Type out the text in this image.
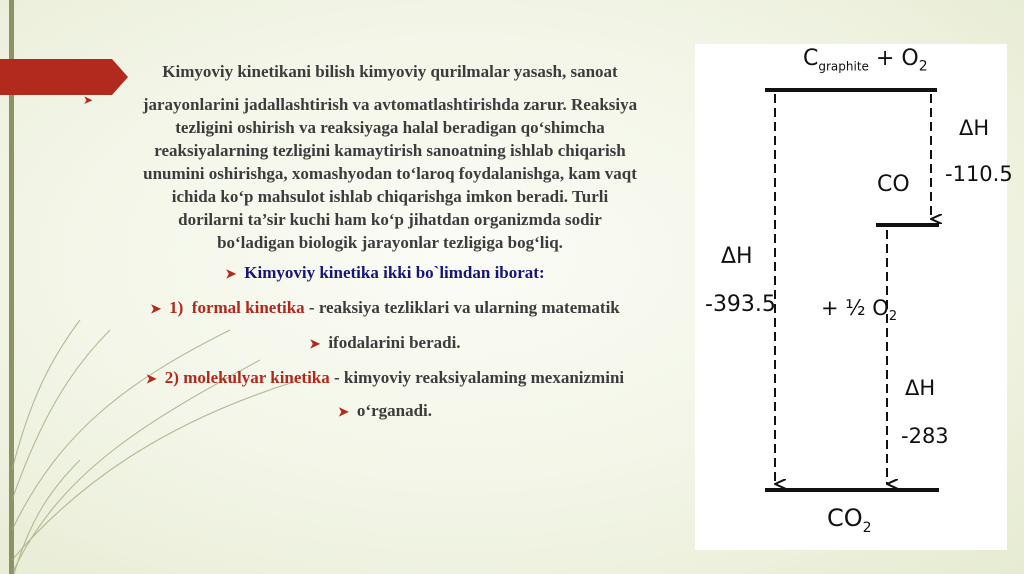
➤

Kimyoviy kinetikani bilish kimyoviy qurilmalar yasash, sanoat
jarayonlarini jadallashtirish va avtomatlashtirishda zarur. Reaksiya
tezligini oshirish va reaksiyaga halal beradigan qo‘shimcha
reaksiyalarning tezligini kamaytirish sanoatning ishlab chiqarish
unumini oshirishga, xomashyodan to‘laroq foydalanishga, kam vaqt
ichida ko‘p mahsulot ishlab chiqarishga imkon beradi. Turli
dorilarni ta’sir kuchi ham ko‘p jihatdan organizmda sodir
bo‘ladigan biologik jarayonlar tezligiga bog‘liq.

➤ Kimyoviy kinetika ikki bo`limdan iborat:
➤ 1) formal kinetika - reaksiya tezliklari va ularning matematik
➤ ifodalarini beradi.
➤ 2) molekulyar kinetika - kimyoviy reaksiyalaming mexanizmini
➤ o‘rganadi.
$C_{graphite} + O_2$
ΔH
-110.5
CO
ΔH
-393.5 + ½ $O_2$
ΔH
-283
$CO_2$
